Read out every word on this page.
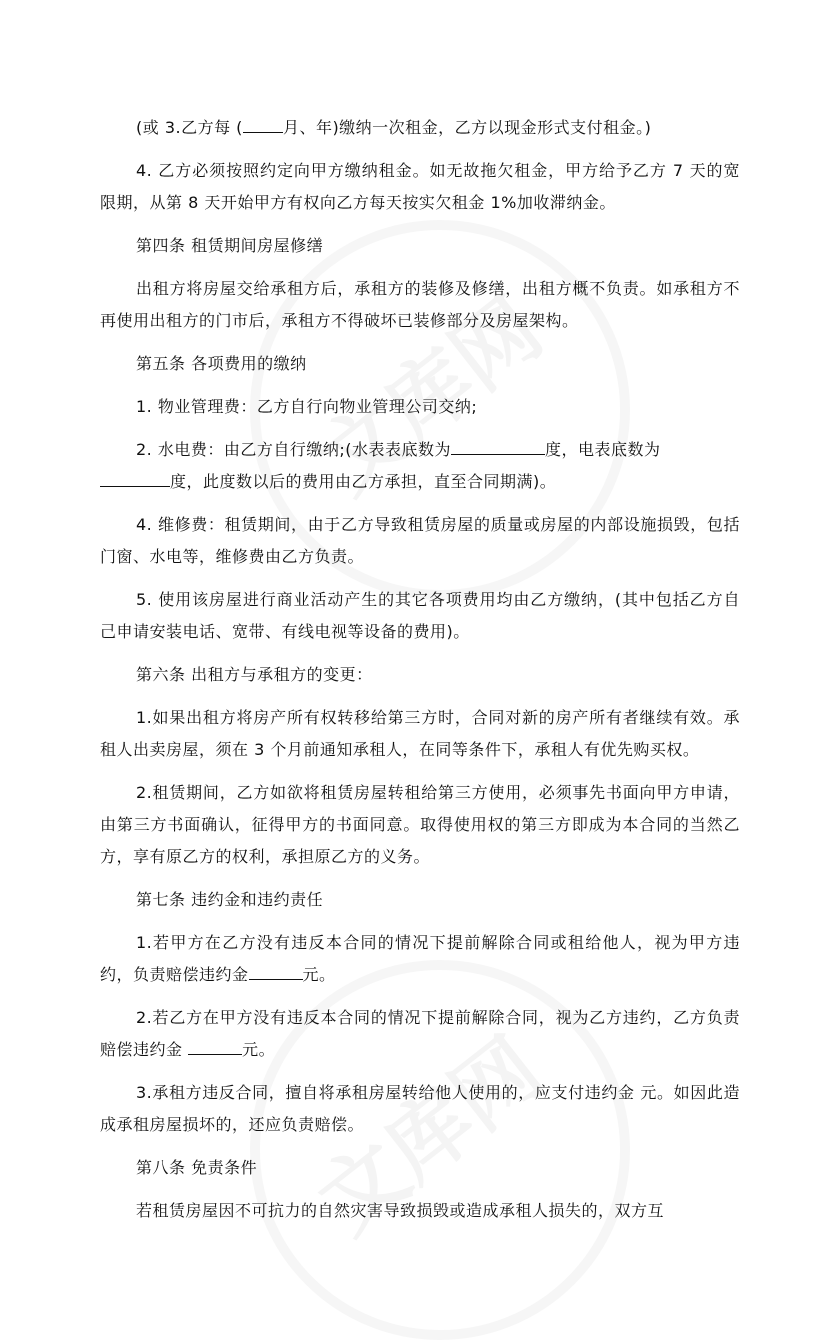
(或 3.乙方每 (	月、年)缴纳一次租金，乙方以现金形式支付租金。)

4. 乙方必须按照约定向甲方缴纳租金。如无故拖欠租金，甲方给予乙方 7 天的宽限期，从第 8 天开始甲方有权向乙方每天按实欠租金 1%加收滞纳金。

第四条 租赁期间房屋修缮

出租方将房屋交给承租方后，承租方的装修及修缮，出租方概不负责。如承租方不再使用出租方的门市后，承租方不得破坏已装修部分及房屋架构。

第五条 各项费用的缴纳

1. 物业管理费：乙方自行向物业管理公司交纳;

2. 水电费：由乙方自行缴纳;(水表表底数为	度，电表底数为
度，此度数以后的费用由乙方承担，直至合同期满)。

4. 维修费：租赁期间，由于乙方导致租赁房屋的质量或房屋的内部设施损毁，包括门窗、水电等，维修费由乙方负责。

5. 使用该房屋进行商业活动产生的其它各项费用均由乙方缴纳，(其中包括乙方自己申请安装电话、宽带、有线电视等设备的费用)。

第六条 出租方与承租方的变更：

1.如果出租方将房产所有权转移给第三方时，合同对新的房产所有者继续有效。承租人出卖房屋，须在 3 个月前通知承租人，在同等条件下，承租人有优先购买权。

2.租赁期间，乙方如欲将租赁房屋转租给第三方使用，必须事先书面向甲方申请，由第三方书面确认，征得甲方的书面同意。取得使用权的第三方即成为本合同的当然乙方，享有原乙方的权利，承担原乙方的义务。

第七条 违约金和违约责任

1.若甲方在乙方没有违反本合同的情况下提前解除合同或租给他人，视为甲方违约，负责赔偿违约金	元。

2.若乙方在甲方没有违反本合同的情况下提前解除合同，视为乙方违约，乙方负责赔偿违约金	元。

3.承租方违反合同，擅自将承租房屋转给他人使用的，应支付违约金 元。如因此造成承租房屋损坏的，还应负责赔偿。

第八条 免责条件

若租赁房屋因不可抗力的自然灾害导致损毁或造成承租人损失的，双方互
